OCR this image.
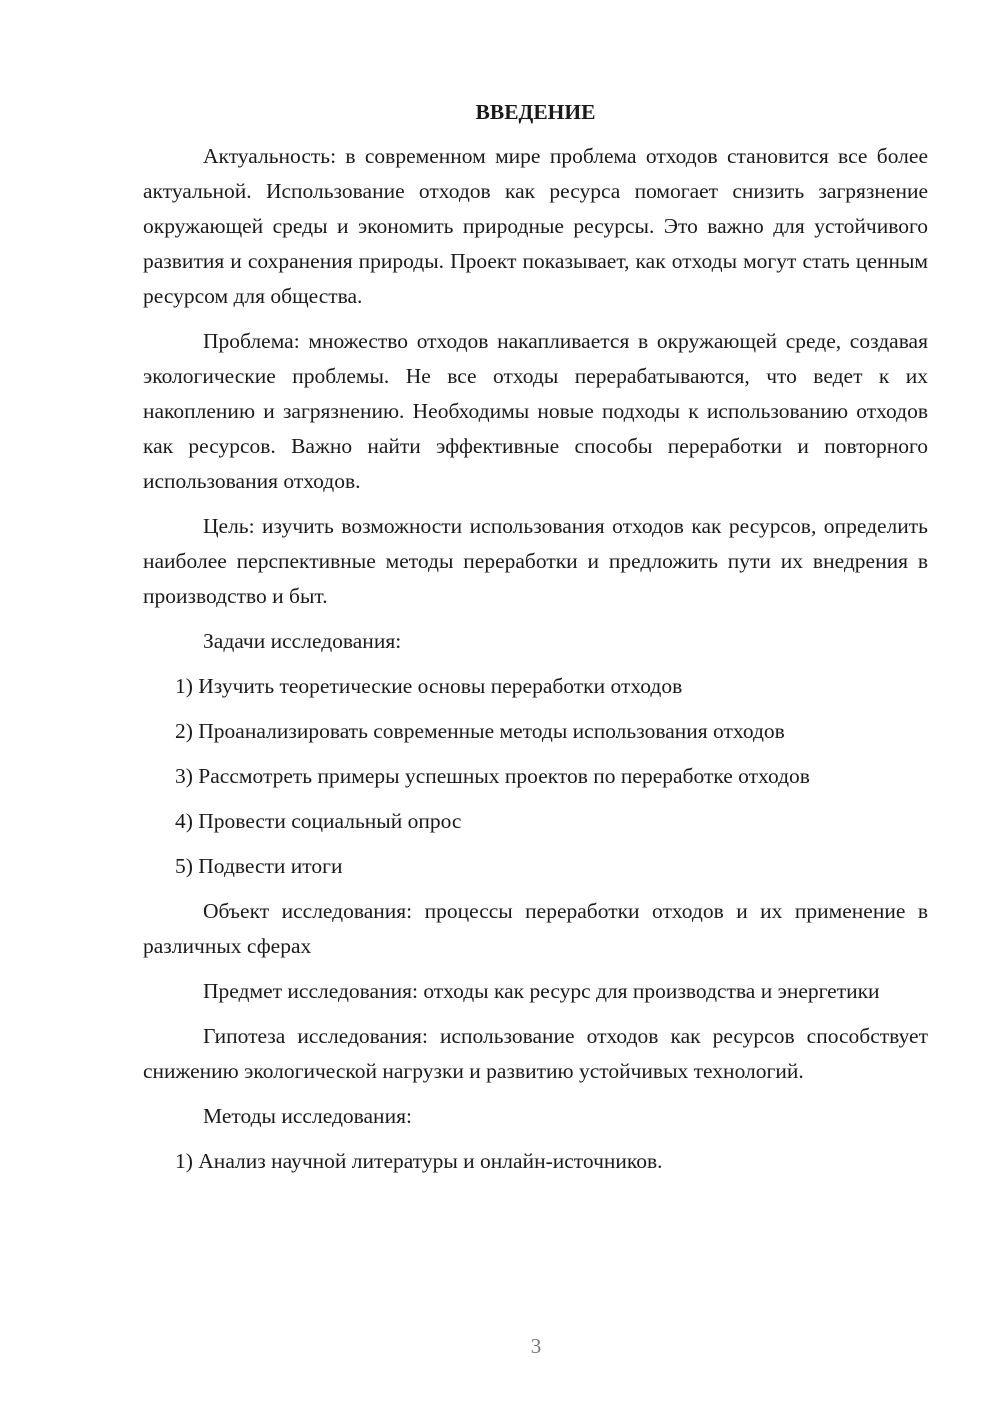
ВВЕДЕНИЕ

Актуальность: в современном мире проблема отходов становится все более актуальной. Использование отходов как ресурса помогает снизить загрязнение окружающей среды и экономить природные ресурсы. Это важно для устойчивого развития и сохранения природы. Проект показывает, как отходы могут стать ценным ресурсом для общества.

Проблема: множество отходов накапливается в окружающей среде, создавая экологические проблемы. Не все отходы перерабатываются, что ведет к их накоплению и загрязнению. Необходимы новые подходы к использованию отходов как ресурсов. Важно найти эффективные способы переработки и повторного использования отходов.

Цель: изучить возможности использования отходов как ресурсов, определить наиболее перспективные методы переработки и предложить пути их внедрения в производство и быт.

Задачи исследования:

1) Изучить теоретические основы переработки отходов

2) Проанализировать современные методы использования отходов

3) Рассмотреть примеры успешных проектов по переработке отходов

4) Провести социальный опрос

5) Подвести итоги

Объект исследования: процессы переработки отходов и их применение в различных сферах

Предмет исследования: отходы как ресурс для производства и энергетики

Гипотеза исследования: использование отходов как ресурсов способствует снижению экологической нагрузки и развитию устойчивых технологий.

Методы исследования:

1) Анализ научной литературы и онлайн-источников.

3
